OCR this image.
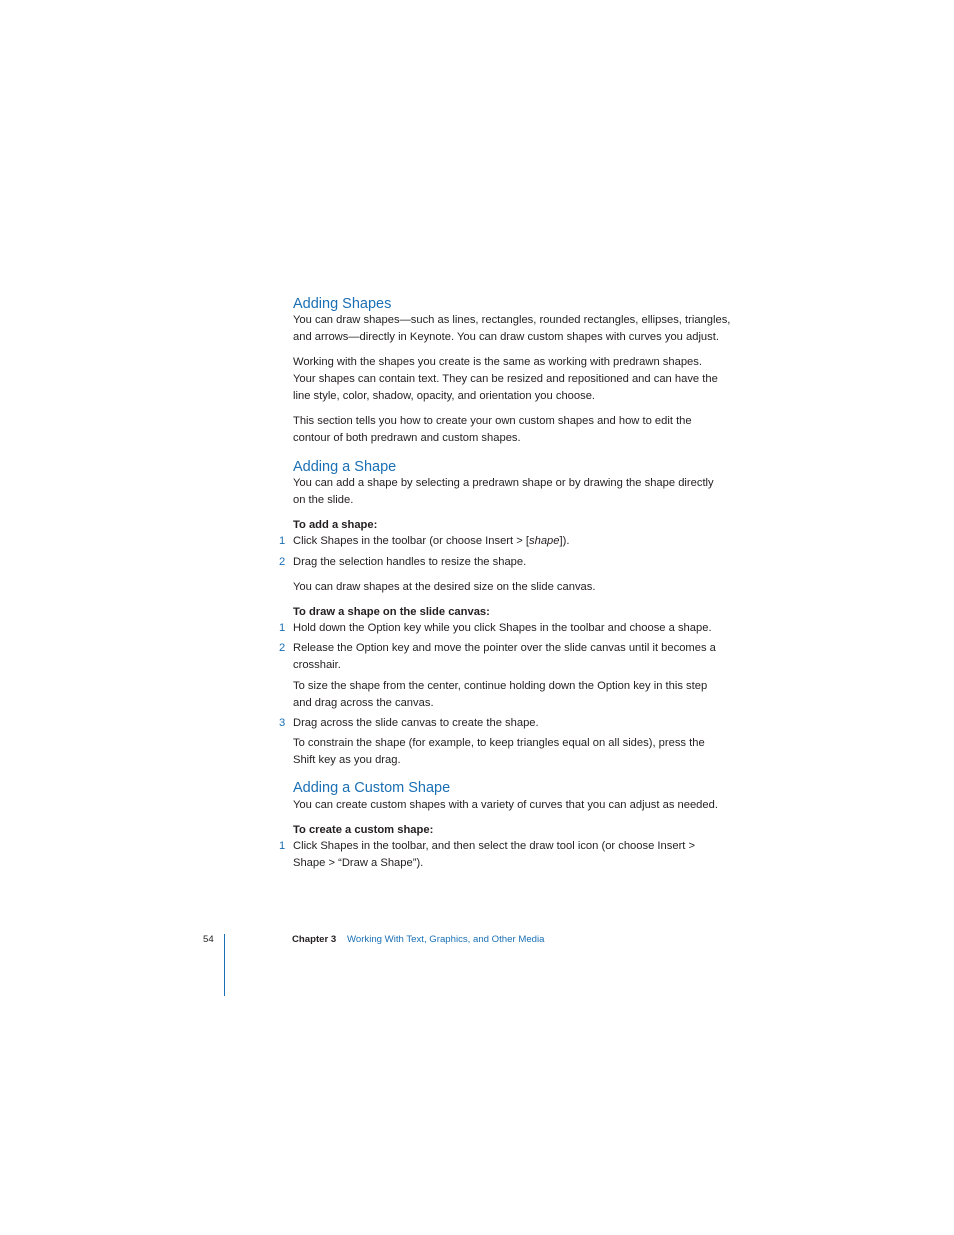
Adding Shapes
You can draw shapes—such as lines, rectangles, rounded rectangles, ellipses, triangles,
and arrows—directly in Keynote. You can draw custom shapes with curves you adjust.
Working with the shapes you create is the same as working with predrawn shapes.
Your shapes can contain text. They can be resized and repositioned and can have the
line style, color, shadow, opacity, and orientation you choose.
This section tells you how to create your own custom shapes and how to edit the
contour of both predrawn and custom shapes.
Adding a Shape
You can add a shape by selecting a predrawn shape or by drawing the shape directly
on the slide.
To add a shape:
1 Click Shapes in the toolbar (or choose Insert > [shape]).
2 Drag the selection handles to resize the shape.
You can draw shapes at the desired size on the slide canvas.
To draw a shape on the slide canvas:
1 Hold down the Option key while you click Shapes in the toolbar and choose a shape.
2 Release the Option key and move the pointer over the slide canvas until it becomes a
crosshair.
To size the shape from the center, continue holding down the Option key in this step
and drag across the canvas.
3 Drag across the slide canvas to create the shape.
To constrain the shape (for example, to keep triangles equal on all sides), press the
Shift key as you drag.
Adding a Custom Shape
You can create custom shapes with a variety of curves that you can adjust as needed.
To create a custom shape:
1 Click Shapes in the toolbar, and then select the draw tool icon (or choose Insert >
Shape > “Draw a Shape”).
54	Chapter 3 Working With Text, Graphics, and Other Media
